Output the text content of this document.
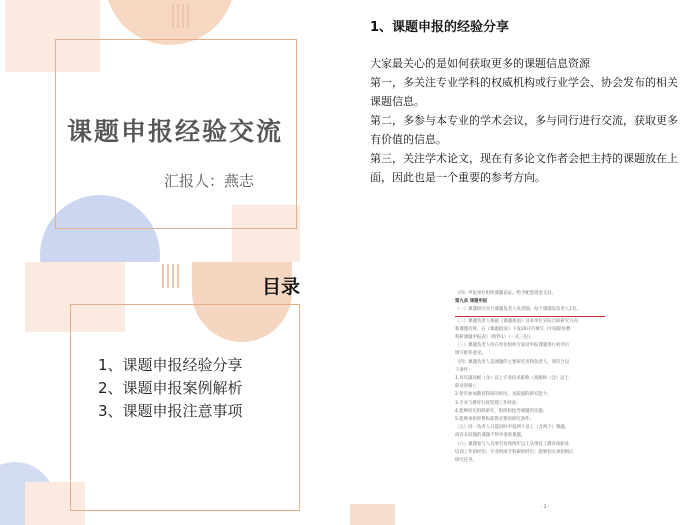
课题申报经验交流
汇报人：燕志
1、课题申报的经验分享

大家最关心的是如何获取更多的课题信息资源

第一，多关注专业学科的权威机构或行业学会、协会发布的相关课题信息。

第二，多参与本专业的学术会议，多与同行进行交流，获取更多有价值的信息。

第三，关注学术论文，现在有多论文作者会把主持的课题放在上面，因此也是一个重要的参考方向。

目录
1、课题申报经验分享
2、课题申报案例解析
3、课题申报注意事项
（四）申报单位组织课题论证。给予配套资金支持。
第九条 课题申报
（一）课题研究实行课题负责人负责制。每个课题设负责人1名。
（二）课题负责人根据《课题指南》及本单位实际自拟研究方向
和课题名称，在《课题指南》下发20日内填写《中国职协教
科研课题申报表》（附件1）（一式三份）。
（三）课题负责人所在单位组织专家对申报课题进行初评后
填写推荐意见。
（四）课题负责人是课题的主要研究者和负责人，须符合以
下条件：
1.具有副高级（含）以上专业技术职称（高级师（含）以上
职业资格）；
2.曾有参加教育科研的经历，具较强的研究能力；
3.专业与教育行政管理工作经验；
4.能够切实组织研究，组织和指导课题的实施；
5.能够承担经费和获得必要的研究条件。
（五）同一负责人只能同时申报两个以上（含两个）课题。
尚有未结题的课题不得申请新课题。
（六）课题参与人员要有连续两年以上从事技工教育或职业
培训工作的经历；专业组或专科研的经历；能够切实承担相应
研究任务。
- 3 -
